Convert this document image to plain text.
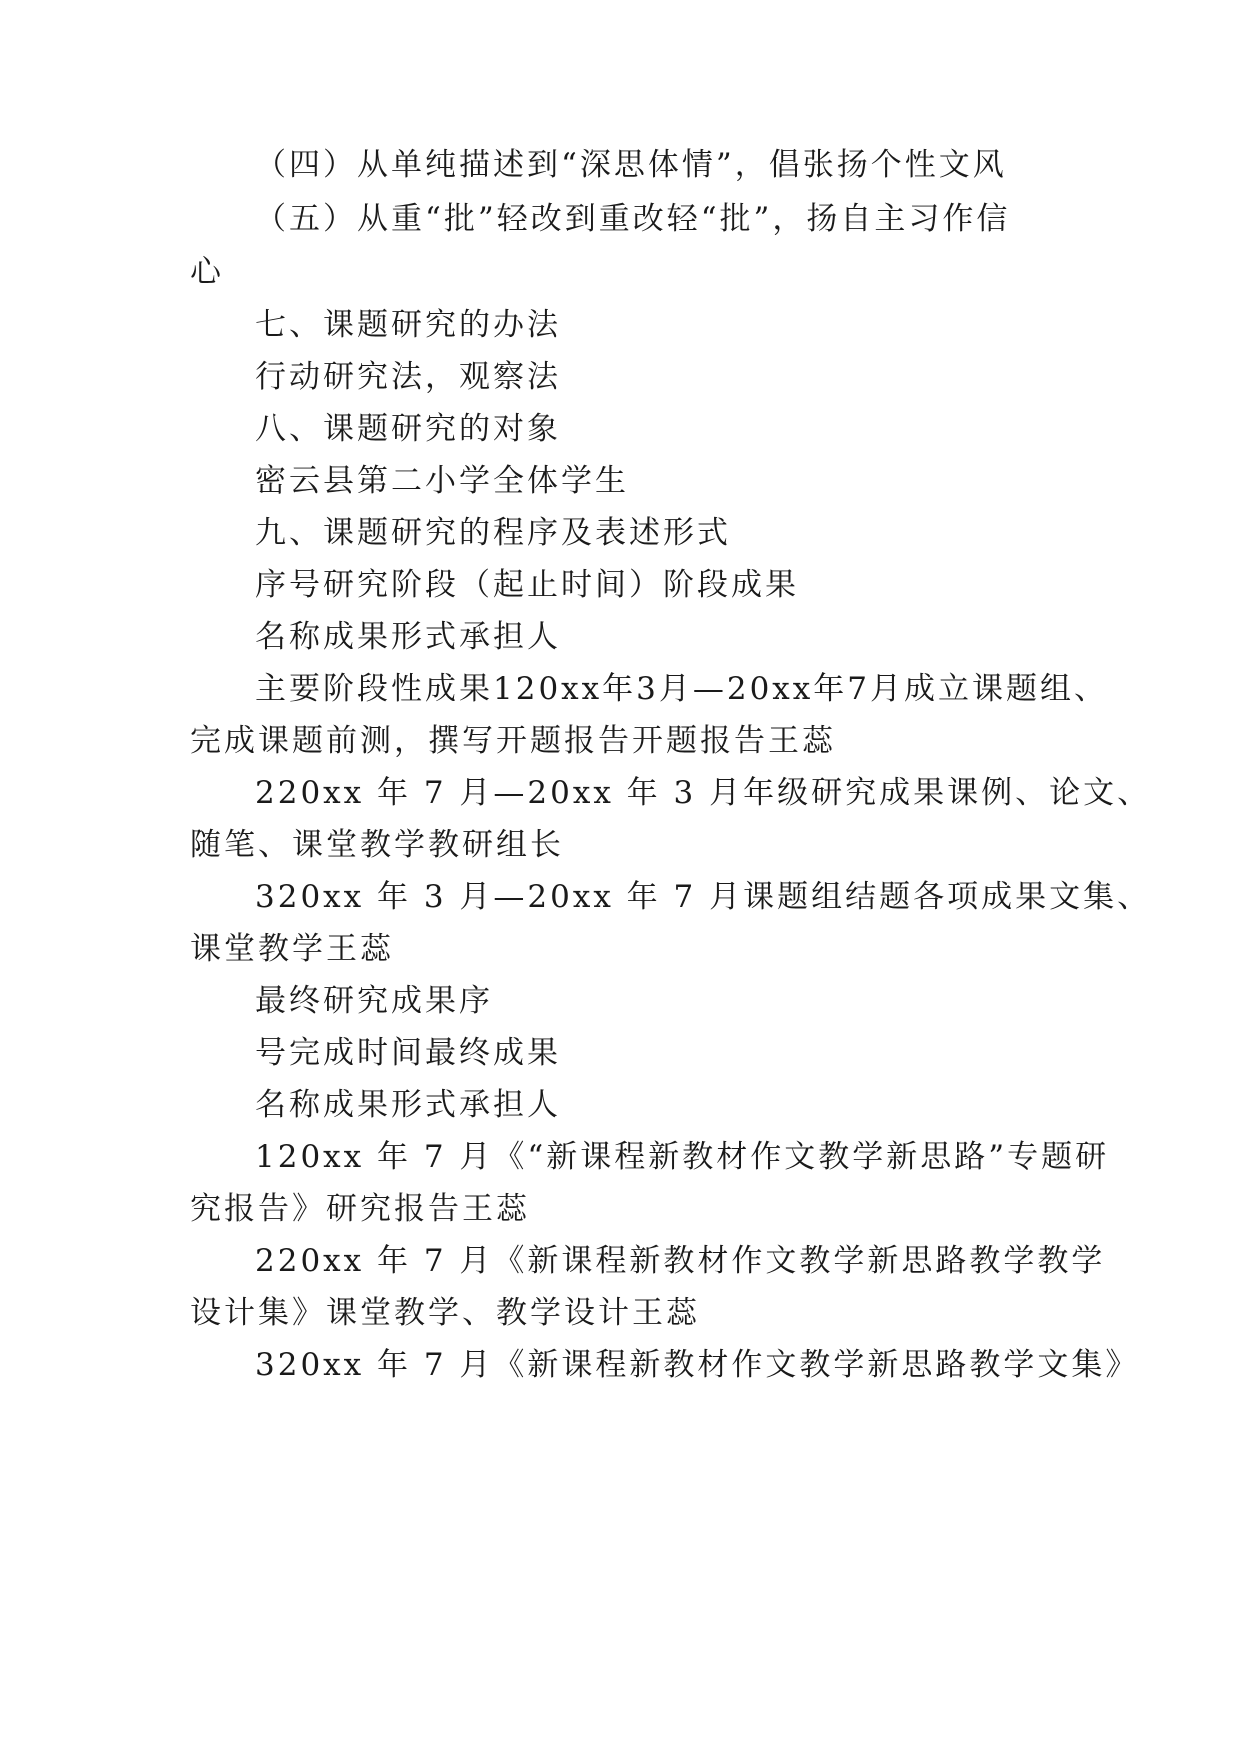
（四）从单纯描述到“深思体情”，倡张扬个性文风
（五）从重“批”轻改到重改轻“批”，扬自主习作信
心
七、课题研究的办法
行动研究法，观察法
八、课题研究的对象
密云县第二小学全体学生
九、课题研究的程序及表述形式
序号研究阶段（起止时间）阶段成果
名称成果形式承担人
主要阶段性成果120xx年3月—20xx年7月成立课题组、
完成课题前测，撰写开题报告开题报告王蕊
220xx 年 7 月—20xx 年 3 月年级研究成果课例、论文、
随笔、课堂教学教研组长
320xx 年 3 月—20xx 年 7 月课题组结题各项成果文集、
课堂教学王蕊
最终研究成果序
号完成时间最终成果
名称成果形式承担人
120xx 年 7 月《“新课程新教材作文教学新思路”专题研
究报告》研究报告王蕊
220xx 年 7 月《新课程新教材作文教学新思路教学教学
设计集》课堂教学、教学设计王蕊
320xx 年 7 月《新课程新教材作文教学新思路教学文集》
